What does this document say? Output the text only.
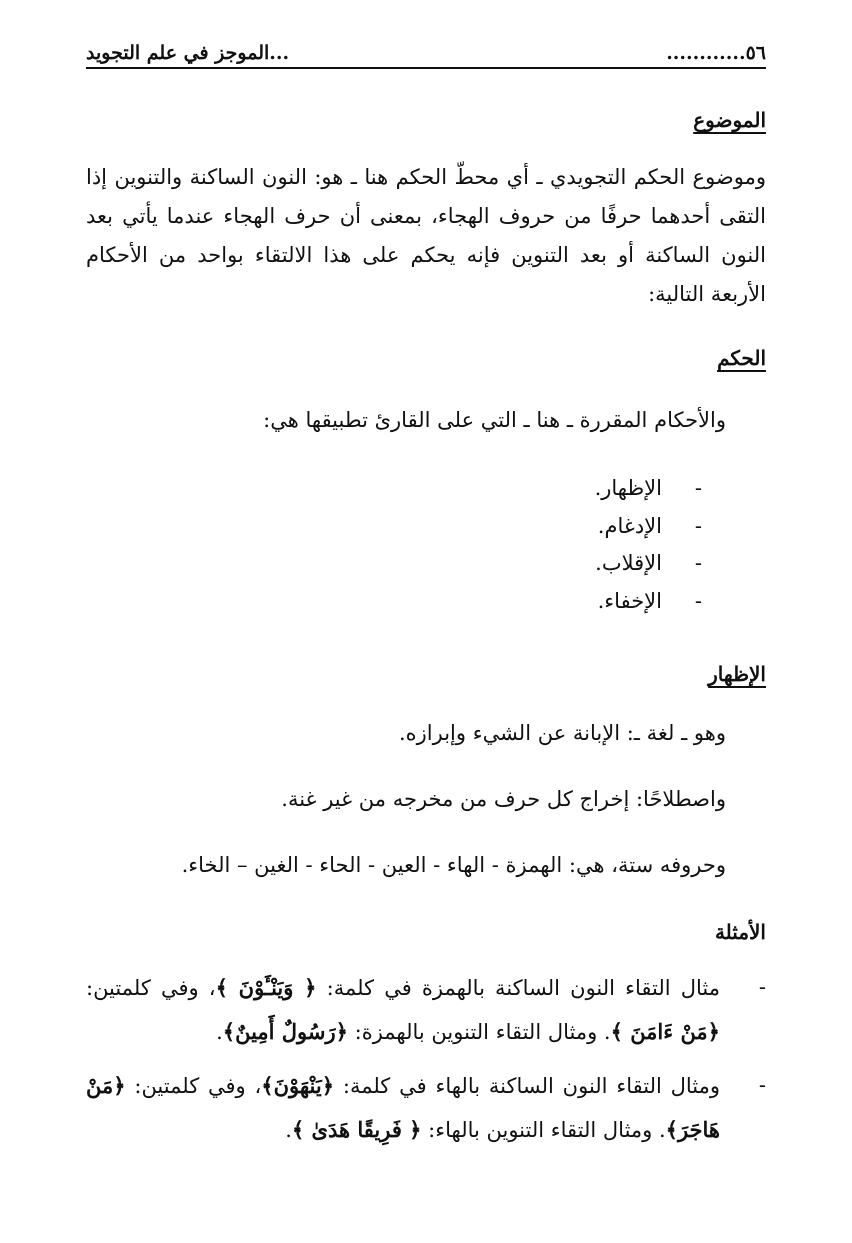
٥٦............
...الموجز في علم التجويد
الموضوع
وموضوع الحكم التجويدي ـ أي محطّ الحكم هنا ـ هو: النون الساكنة والتنوين إذا التقى أحدهما حرفًا من حروف الهجاء، بمعنى أن حرف الهجاء عندما يأتي بعد النون الساكنة أو بعد التنوين فإنه يحكم على هذا الالتقاء بواحد من الأحكام الأربعة التالية:
الحكم
والأحكام المقررة ـ هنا ـ التي على القارئ تطبيقها هي:
-
الإظهار.
-
الإدغام.
-
الإقلاب.
-
الإخفاء.
الإظهار
وهو ـ لغة ـ: الإبانة عن الشيء وإبرازه.
واصطلاحًا: إخراج كل حرف من مخرجه من غير غنة.
وحروفه ستة، هي: الهمزة - الهاء - العين - الحاء - الغين – الخاء.
الأمثلة
-
مثال التقاء النون الساكنة بالهمزة في كلمة: ﴿ وَيَنْـَٔوْنَ ﴾، وفي كلمتين: ﴿مَنْ ءَامَنَ ﴾. ومثال التقاء التنوين بالهمزة: ﴿رَسُولٌ أَمِينٌ﴾.
-
ومثال التقاء النون الساكنة بالهاء في كلمة: ﴿يَنْهَوْنَ﴾، وفي كلمتين: ﴿مَنْ هَاجَرَ﴾. ومثال التقاء التنوين بالهاء: ﴿ فَرِيقًا هَدَىٰ ﴾.
